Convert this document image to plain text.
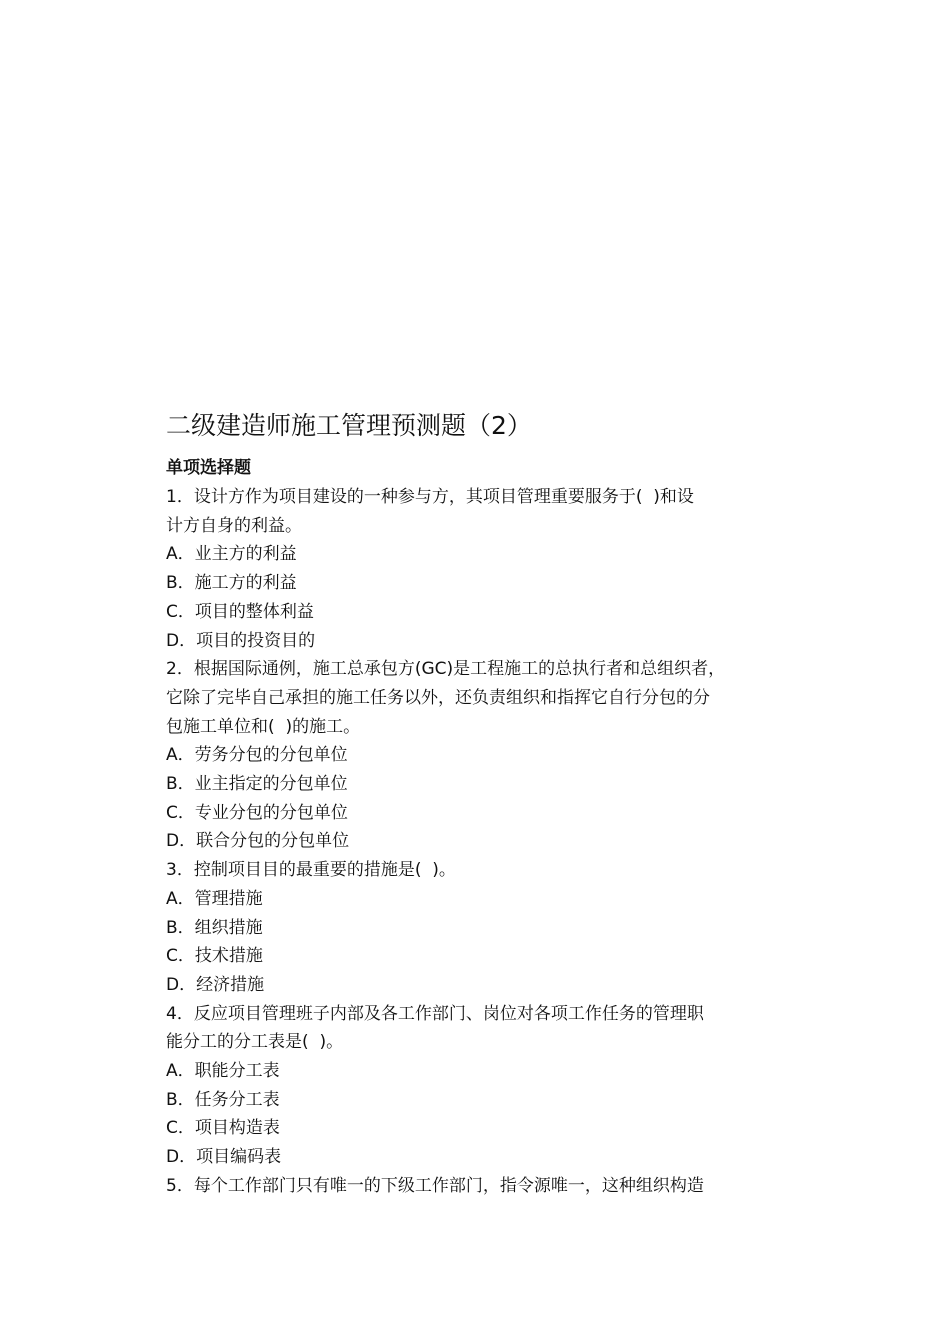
二级建造师施工管理预测题（2）
单项选择题
1．设计方作为项目建设的一种参与方，其项目管理重要服务于(  )和设
计方自身的利益。
A．业主方的利益
B．施工方的利益
C．项目的整体利益
D．项目的投资目的
2．根据国际通例，施工总承包方(GC)是工程施工的总执行者和总组织者，
它除了完毕自己承担的施工任务以外，还负责组织和指挥它自行分包的分
包施工单位和(  )的施工。
A．劳务分包的分包单位
B．业主指定的分包单位
C．专业分包的分包单位
D．联合分包的分包单位
3．控制项目目的最重要的措施是(  )。
A．管理措施
B．组织措施
C．技术措施
D．经济措施
4．反应项目管理班子内部及各工作部门、岗位对各项工作任务的管理职
能分工的分工表是(  )。
A．职能分工表
B．任务分工表
C．项目构造表
D．项目编码表
5．每个工作部门只有唯一的下级工作部门，指令源唯一，这种组织构造
